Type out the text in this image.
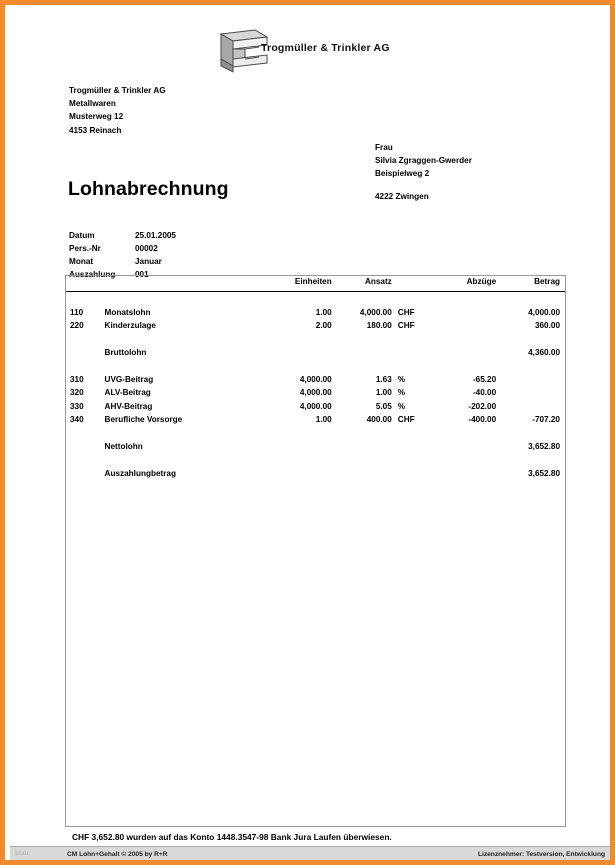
Trogmüller & Trinkler AG
Trogmüller & Trinkler AG
Metallwaren
Musterweg 12
4153 Reinach
Frau
Silvia Zgraggen-Gwerder
Beispielweg 2
4222 Zwingen
Lohnabrechnung
Datum	25.01.2005
Pers.-Nr	00002
Monat	Januar
Auszahlung	001
		Einheiten	Ansatz		Abzüge	Betrag

110	Monatslohn	1.00	4,000.00	CHF		4,000.00
220	Kinderzulage	2.00	180.00	CHF		360.00

	Bruttolohn					4,360.00

310	UVG-Beitrag	4,000.00	1.63	%	-65.20	
320	ALV-Beitrag	4,000.00	1.00	%	-40.00	
330	AHV-Beitrag	4,000.00	5.05	%	-202.00	
340	Berufliche Vorsorge	1.00	400.00	CHF	-400.00	-707.20

	Nettolohn					3,652.80

	Auszahlungbetrag					3,652.80
CHF 3,652.80 wurden auf das Konto 1448.3547-98 Bank Jura Laufen überwiesen.
blau	CM Lohn+Gehalt © 2005 by R+R	Lizenznehmer: Testversion, Entwicklung
